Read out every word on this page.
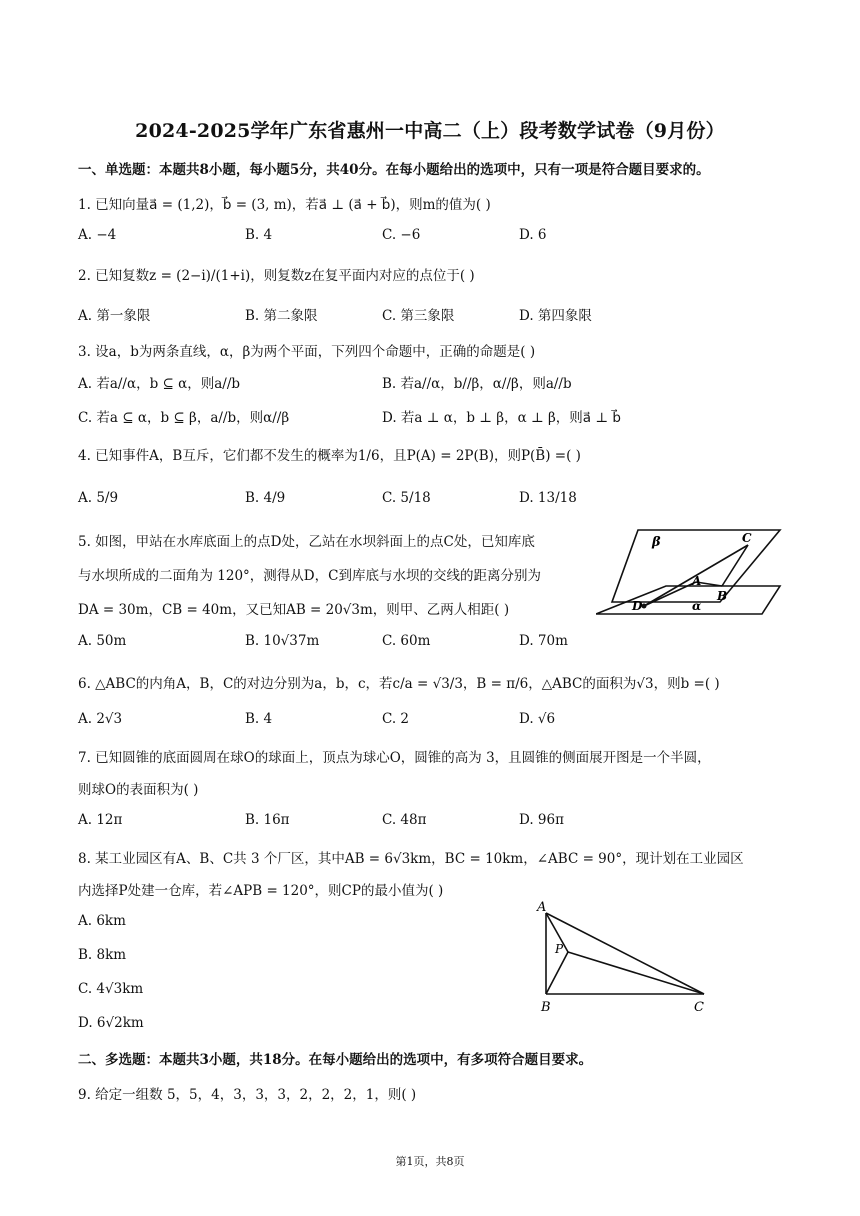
2024-2025学年广东省惠州一中高二（上）段考数学试卷（9月份）
一、单选题：本题共8小题，每小题5分，共40分。在每小题给出的选项中，只有一项是符合题目要求的。
1. 已知向量a⃗ = (1,2)，b⃗ = (3, m)，若a⃗ ⊥ (a⃗ + b⃗)，则m的值为( )
A. −4	B. 4	C. −6	D. 6
2. 已知复数z = (2−i)/(1+i)，则复数z在复平面内对应的点位于( )
A. 第一象限	B. 第二象限	C. 第三象限	D. 第四象限
3. 设a，b为两条直线，α，β为两个平面，下列四个命题中，正确的命题是( )
A. 若a//α，b ⊆ α，则a//b	B. 若a//α，b//β，α//β，则a//b
C. 若a ⊆ α，b ⊆ β，a//b，则α//β	D. 若a ⊥ α，b ⊥ β，α ⊥ β，则a⃗ ⊥ b⃗
4. 已知事件A，B互斥，它们都不发生的概率为1/6，且P(A) = 2P(B)，则P(B̄) =( )
A. 5/9	B. 4/9	C. 5/18	D. 13/18
5. 如图，甲站在水库底面上的点D处，乙站在水坝斜面上的点C处，已知库底
与水坝所成的二面角为 120°，测得从D，C到库底与水坝的交线的距离分别为
DA = 30m，CB = 40m，又已知AB = 20√3m，则甲、乙两人相距( )
A. 50m	B. 10√37m	C. 60m	D. 70m
β
α
C
A
B
D
6. △ABC的内角A，B，C的对边分别为a，b，c，若c/a = √3/3，B = π/6，△ABC的面积为√3，则b =( )
A. 2√3	B. 4	C. 2	D. √6
7. 已知圆锥的底面圆周在球O的球面上，顶点为球心O，圆锥的高为 3，且圆锥的侧面展开图是一个半圆，
则球O的表面积为( )
A. 12π	B. 16π	C. 48π	D. 96π
8. 某工业园区有A、B、C共 3 个厂区，其中AB = 6√3km，BC = 10km，∠ABC = 90°，现计划在工业园区
内选择P处建一仓库，若∠APB = 120°，则CP的最小值为( )
A. 6km
B. 8km
C. 4√3km
D. 6√2km
A
B	C
P
二、多选题：本题共3小题，共18分。在每小题给出的选项中，有多项符合题目要求。
9. 给定一组数 5，5，4，3，3，3，2，2，2，1，则( )
第1页，共8页
